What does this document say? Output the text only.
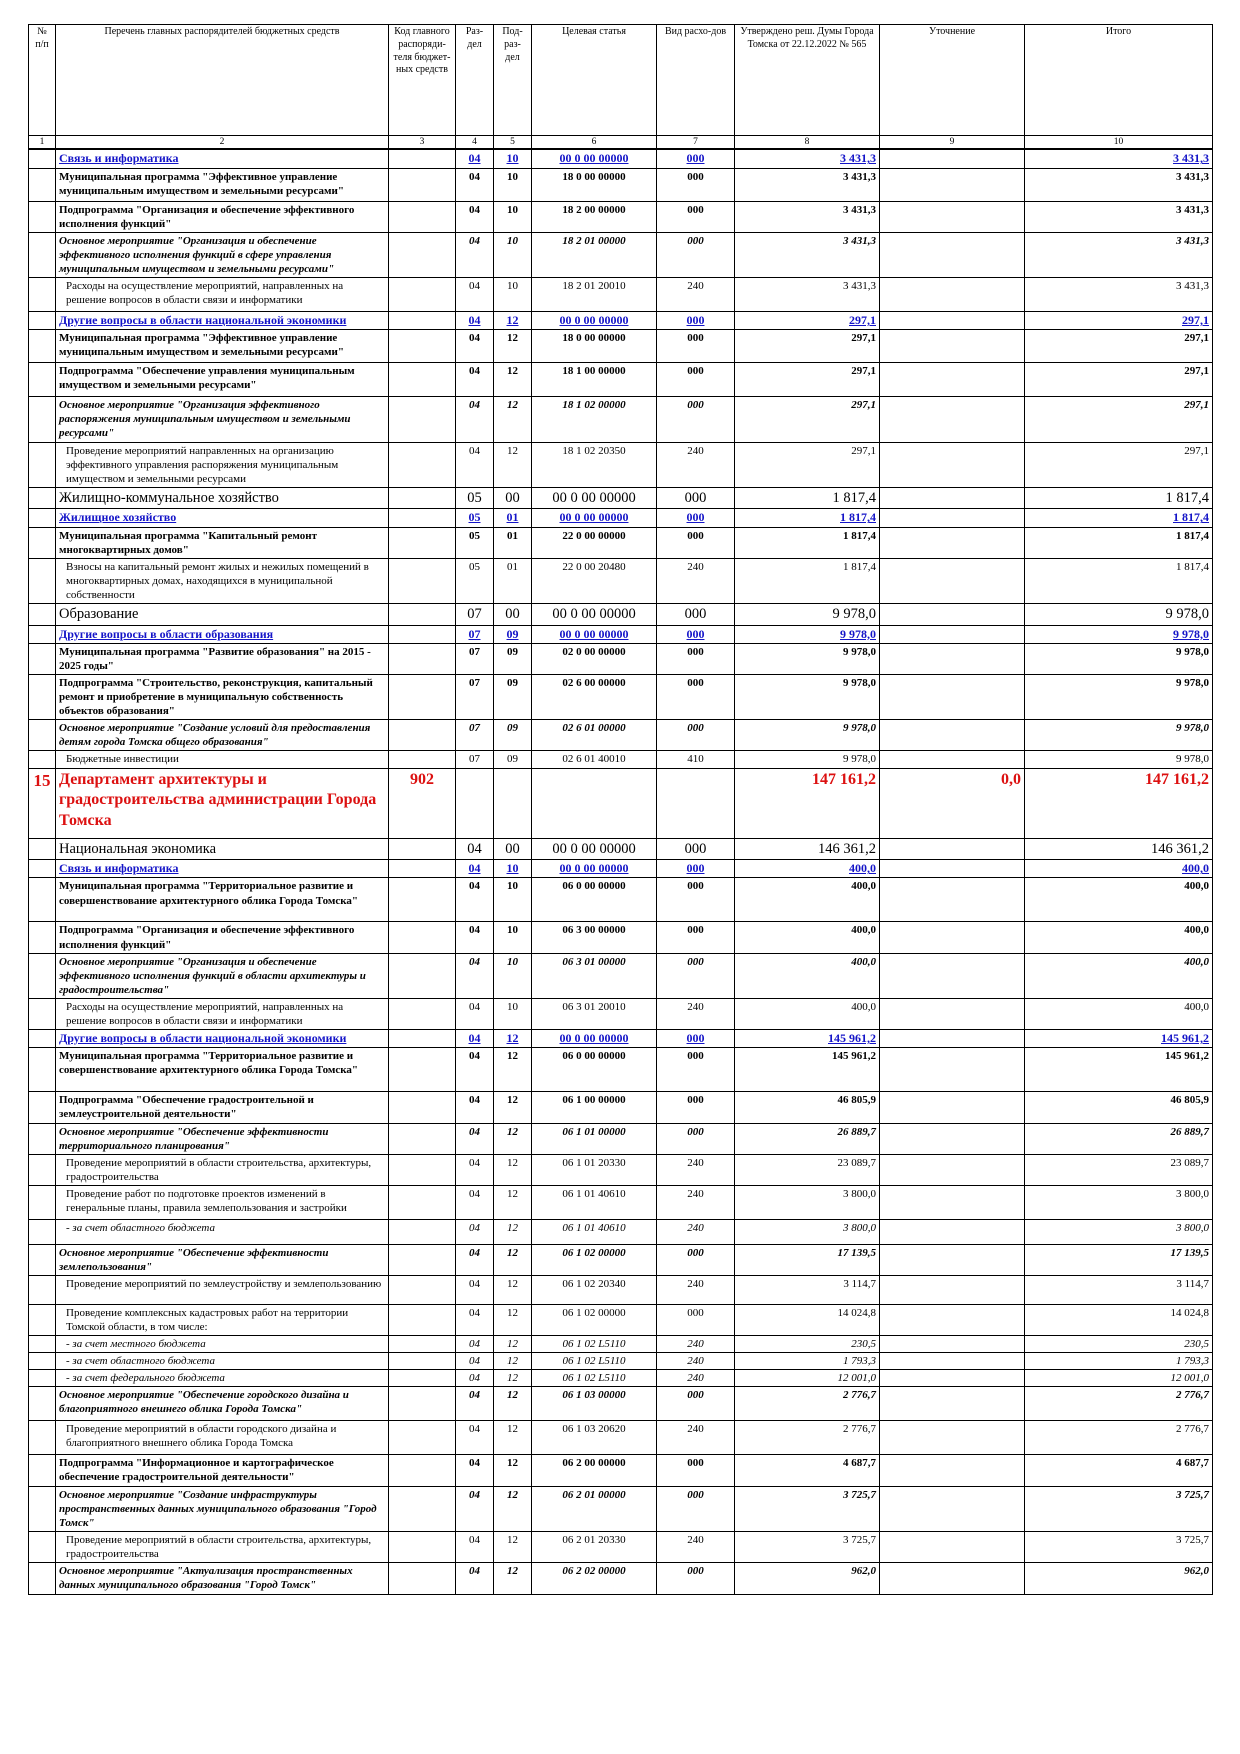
№ п/п	Перечень главных распорядителей бюджетных средств	Код главного распоряди-теля бюджет-ных средств	Раз-дел	Под-раз-дел	Целевая статья	Вид расхо-дов	Утверждено реш. Думы Города Томска от 22.12.2022 № 565	Уточнение	Итого
1	2	3	4	5	6	7	8	9	10
	Связь и информатика		04	10	00 0 00 00000	000	3 431,3		3 431,3
	Муниципальная программа "Эффективное управление муниципальным имуществом и земельными ресурсами"		04	10	18 0 00 00000	000	3 431,3		3 431,3
	Подпрограмма "Организация и обеспечение эффективного исполнения функций"		04	10	18 2 00 00000	000	3 431,3		3 431,3
	Основное мероприятие "Организация и обеспечение эффективного исполнения функций в сфере управления муниципальным имуществом и земельными ресурсами"		04	10	18 2 01 00000	000	3 431,3		3 431,3
	Расходы на осуществление мероприятий, направленных на решение вопросов в области связи и информатики		04	10	18 2 01 20010	240	3 431,3		3 431,3
	Другие вопросы в области национальной экономики		04	12	00 0 00 00000	000	297,1		297,1
	Муниципальная программа "Эффективное управление муниципальным имуществом и земельными ресурсами"		04	12	18 0 00 00000	000	297,1		297,1
	Подпрограмма "Обеспечение управления муниципальным имуществом и земельными ресурсами"		04	12	18 1 00 00000	000	297,1		297,1
	Основное мероприятие "Организация эффективного распоряжения муниципальным имуществом и земельными ресурсами"		04	12	18 1 02 00000	000	297,1		297,1
	Проведение мероприятий направленных на организацию эффективного управления распоряжения муниципальным имуществом и земельными ресурсами		04	12	18 1 02 20350	240	297,1		297,1
	Жилищно-коммунальное хозяйство		05	00	00 0 00 00000	000	1 817,4		1 817,4
	Жилищное хозяйство		05	01	00 0 00 00000	000	1 817,4		1 817,4
	Муниципальная программа "Капитальный ремонт многоквартирных домов"		05	01	22 0 00 00000	000	1 817,4		1 817,4
	Взносы на капитальный ремонт жилых и нежилых помещений в многоквартирных домах, находящихся в муниципальной собственности		05	01	22 0 00 20480	240	1 817,4		1 817,4
	Образование		07	00	00 0 00 00000	000	9 978,0		9 978,0
	Другие вопросы в области образования		07	09	00 0 00 00000	000	9 978,0		9 978,0
	Муниципальная программа "Развитие образования" на 2015 - 2025 годы"		07	09	02 0 00 00000	000	9 978,0		9 978,0
	Подпрограмма "Строительство, реконструкция, капитальный ремонт и приобретение в муниципальную собственность объектов образования"		07	09	02 6 00 00000	000	9 978,0		9 978,0
	Основное мероприятие "Создание условий для предоставления детям города Томска общего образования"		07	09	02 6 01 00000	000	9 978,0		9 978,0
	Бюджетные инвестиции		07	09	02 6 01 40010	410	9 978,0		9 978,0
15	Департамент архитектуры и градостроительства администрации Города Томска	902					147 161,2	0,0	147 161,2
	Национальная экономика		04	00	00 0 00 00000	000	146 361,2		146 361,2
	Связь и информатика		04	10	00 0 00 00000	000	400,0		400,0
	Муниципальная программа "Территориальное развитие и совершенствование архитектурного облика Города Томска"		04	10	06 0 00 00000	000	400,0		400,0
	Подпрограмма "Организация и обеспечение эффективного исполнения функций"		04	10	06 3 00 00000	000	400,0		400,0
	Основное мероприятие "Организация и обеспечение эффективного исполнения функций в области архитектуры и градостроительства"		04	10	06 3 01 00000	000	400,0		400,0
	Расходы на осуществление мероприятий, направленных на решение вопросов в области связи и информатики		04	10	06 3 01 20010	240	400,0		400,0
	Другие вопросы в области национальной экономики		04	12	00 0 00 00000	000	145 961,2		145 961,2
	Муниципальная программа "Территориальное развитие и совершенствование архитектурного облика Города Томска"		04	12	06 0 00 00000	000	145 961,2		145 961,2
	Подпрограмма "Обеспечение градостроительной и землеустроительной деятельности"		04	12	06 1 00 00000	000	46 805,9		46 805,9
	Основное мероприятие "Обеспечение эффективности территориального планирования"		04	12	06 1 01 00000	000	26 889,7		26 889,7
	Проведение мероприятий в области строительства, архитектуры, градостроительства		04	12	06 1 01 20330	240	23 089,7		23 089,7
	Проведение работ по подготовке проектов изменений в генеральные планы, правила землепользования и застройки		04	12	06 1 01 40610	240	3 800,0		3 800,0
	- за счет областного бюджета		04	12	06 1 01 40610	240	3 800,0		3 800,0
	Основное мероприятие "Обеспечение эффективности землепользования"		04	12	06 1 02 00000	000	17 139,5		17 139,5
	Проведение мероприятий по землеустройству и землепользованию		04	12	06 1 02 20340	240	3 114,7		3 114,7
	Проведение комплексных кадастровых работ на территории Томской области, в том числе:		04	12	06 1 02 00000	000	14 024,8		14 024,8
	- за счет местного бюджета		04	12	06 1 02 L5110	240	230,5		230,5
	- за счет областного бюджета		04	12	06 1 02 L5110	240	1 793,3		1 793,3
	- за счет федерального бюджета		04	12	06 1 02 L5110	240	12 001,0		12 001,0
	Основное мероприятие "Обеспечение городского дизайна и благоприятного внешнего облика Города Томска"		04	12	06 1 03 00000	000	2 776,7		2 776,7
	Проведение мероприятий в области городского дизайна и благоприятного внешнего облика Города Томска		04	12	06 1 03 20620	240	2 776,7		2 776,7
	Подпрограмма "Информационное и картографическое обеспечение градостроительной деятельности"		04	12	06 2 00 00000	000	4 687,7		4 687,7
	Основное мероприятие "Создание инфраструктуры пространственных данных муниципального образования "Город Томск"		04	12	06 2 01 00000	000	3 725,7		3 725,7
	Проведение мероприятий в области строительства, архитектуры, градостроительства		04	12	06 2 01 20330	240	3 725,7		3 725,7
	Основное мероприятие "Актуализация пространственных данных муниципального образования "Город Томск"		04	12	06 2 02 00000	000	962,0		962,0
